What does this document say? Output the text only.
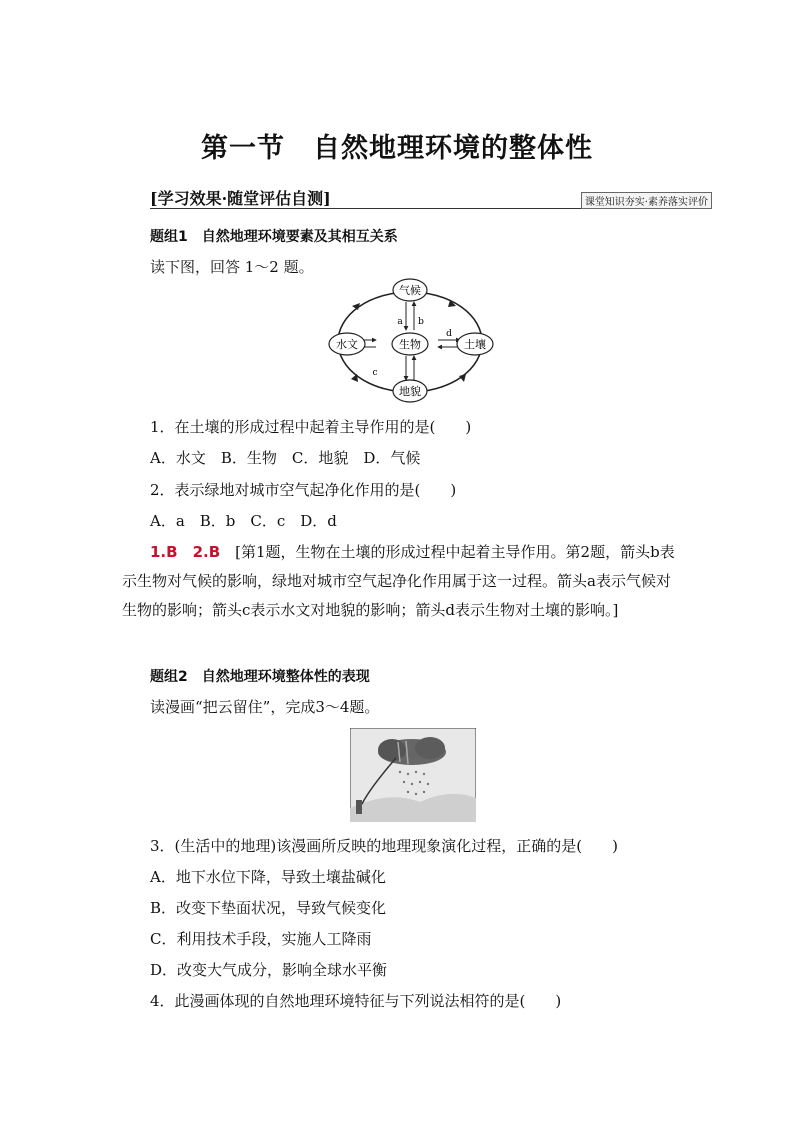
第一节　自然地理环境的整体性
[学习效果·随堂评估自测]	课堂知识夯实·素养落实评价
题组1　自然地理环境要素及其相互关系
读下图，回答 1～2 题。
气候
水文	生物	土壤
地貌
a b
c
d
1．在土壤的形成过程中起着主导作用的是(　　)
A．水文　B．生物　C．地貌　D．气候
2．表示绿地对城市空气起净化作用的是(　　)
A．a　B．b　C．c　D．d
1.B　2.B　 [第1题，生物在土壤的形成过程中起着主导作用。第2题，箭头b表示生物对气候的影响，绿地对城市空气起净化作用属于这一过程。箭头a表示气候对生物的影响；箭头c表示水文对地貌的影响；箭头d表示生物对土壤的影响。]
题组2　自然地理环境整体性的表现
读漫画“把云留住”，完成3～4题。
3．(生活中的地理)该漫画所反映的地理现象演化过程，正确的是(　　)
A．地下水位下降，导致土壤盐碱化
B．改变下垫面状况，导致气候变化
C．利用技术手段，实施人工降雨
D．改变大气成分，影响全球水平衡
4．此漫画体现的自然地理环境特征与下列说法相符的是(　　)
